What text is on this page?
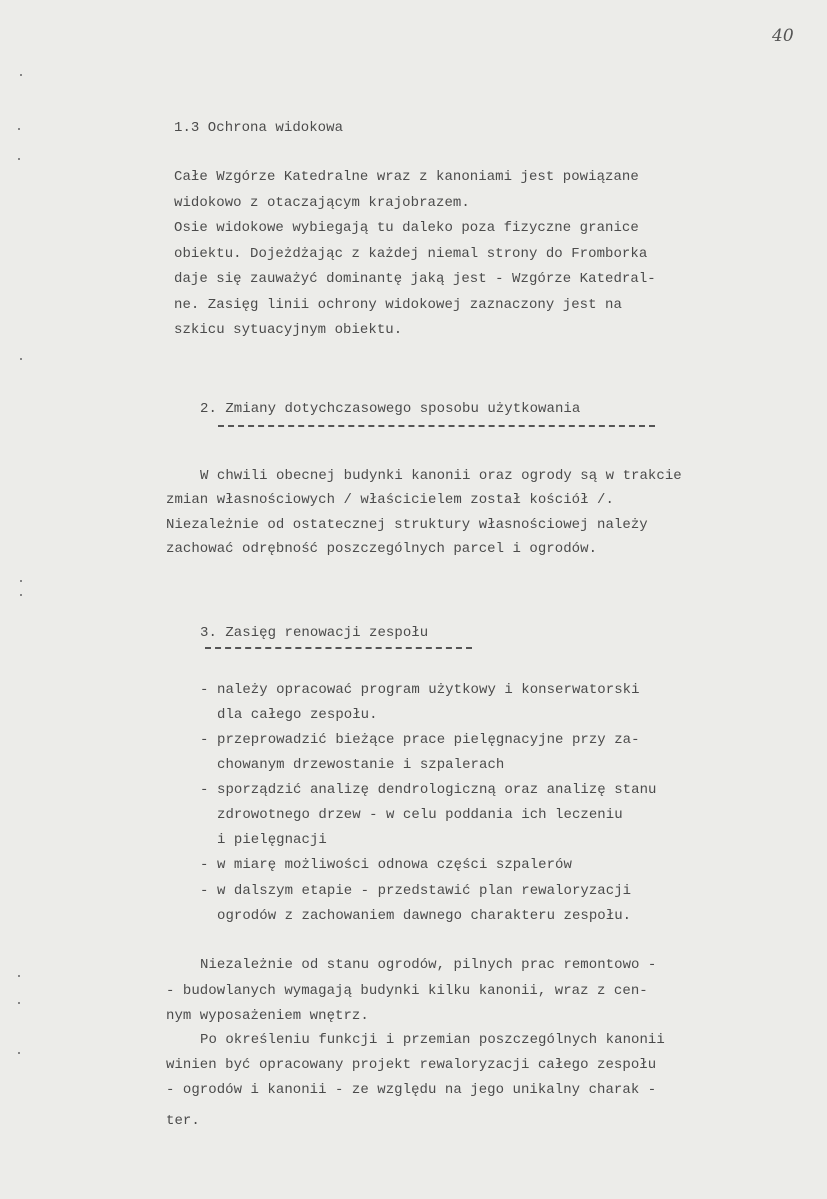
40
1.3 Ochrona widokowa
Całe Wzgórze Katedralne wraz z kanoniami jest powiązane
widokowo z otaczającym krajobrazem.
Osie widokowe wybiegają tu daleko poza fizyczne granice
obiektu. Dojeżdżając z każdej niemal strony do Fromborka
daje się zauważyć dominantę jaką jest - Wzgórze Katedral-
ne. Zasięg linii ochrony widokowej zaznaczony jest na
szkicu sytuacyjnym obiektu.
2. Zmiany dotychczasowego sposobu użytkowania
W chwili obecnej budynki kanonii oraz ogrody są w trakcie
zmian własnościowych / właścicielem został kościół /.
Niezależnie od ostatecznej struktury własnościowej należy
zachować odrębność poszczególnych parcel i ogrodów.
3. Zasięg renowacji zespołu
- należy opracować program użytkowy i konserwatorski
dla całego zespołu.
- przeprowadzić bieżące prace pielęgnacyjne przy za-
chowanym drzewostanie i szpalerach
- sporządzić analizę dendrologiczną oraz analizę stanu
zdrowotnego drzew - w celu poddania ich leczeniu
i pielęgnacji
- w miarę możliwości odnowa części szpalerów
- w dalszym etapie - przedstawić plan rewaloryzacji
ogrodów z zachowaniem dawnego charakteru zespołu.
Niezależnie od stanu ogrodów, pilnych prac remontowo -
- budowlanych wymagają budynki kilku kanonii, wraz z cen-
nym wyposażeniem wnętrz.
Po określeniu funkcji i przemian poszczególnych kanonii
winien być opracowany projekt rewaloryzacji całego zespołu
- ogrodów i kanonii - ze względu na jego unikalny charak -
ter.
